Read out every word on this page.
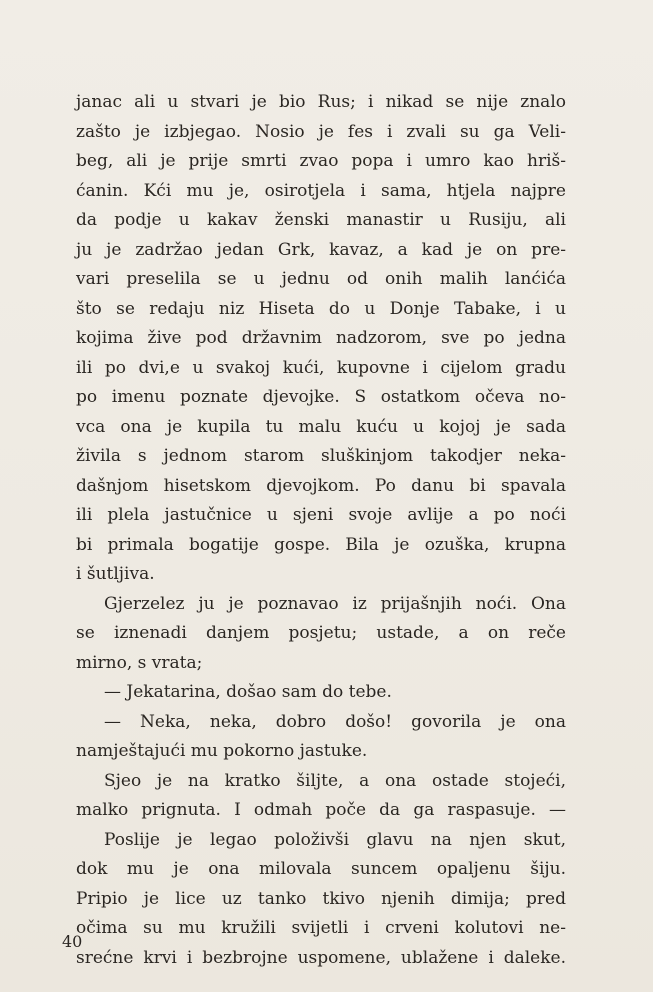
janac ali u stvari je bio Rus; i nikad se nije znalo
zašto je izbjegao. Nosio je fes i zvali su ga Veli-
beg, ali je prije smrti zvao popa i umro kao hriš-
ćanin. Kći mu je, osirotjela i sama, htjela najpre
da podje u kakav ženski manastir u Rusiju, ali
ju je zadržao jedan Grk, kavaz, a kad je on pre-
vari preselila se u jednu od onih malih lanćića
što se redaju niz Hiseta do u Donje Tabake, i u
kojima žive pod državnim nadzorom, sve po jedna
ili po dvi,e u svakoj kući, kupovne i cijelom gradu
po imenu poznate djevojke. S ostatkom očeva no-
vca ona je kupila tu malu kuću u kojoj je sada
živila s jednom starom sluškinjom takodjer neka-
dašnjom hisetskom djevojkom. Po danu bi spavala
ili plela jastučnice u sjeni svoje avlije a po noći
bi primala bogatije gospe. Bila je ozuška, krupna
i šutljiva.
Gjerzelez ju je poznavao iz prijašnjih noći. Ona
se iznenadi danjem posjetu; ustade, a on reče
mirno, s vrata;
— Jekatarina, došao sam do tebe.
— Neka, neka, dobro došo! govorila je ona
namještajući mu pokorno jastuke.
Sjeo je na kratko šiljte, a ona ostade stojeći,
malko prignuta. I odmah poče da ga raspasuje. —
Poslije je legao položivši glavu na njen skut,
dok mu je ona milovala suncem opaljenu šiju.
Pripio je lice uz tanko tkivo njenih dimija; pred
očima su mu kružili svijetli i crveni kolutovi ne-
srećne krvi i bezbrojne uspomene, ublažene i daleke.
40
